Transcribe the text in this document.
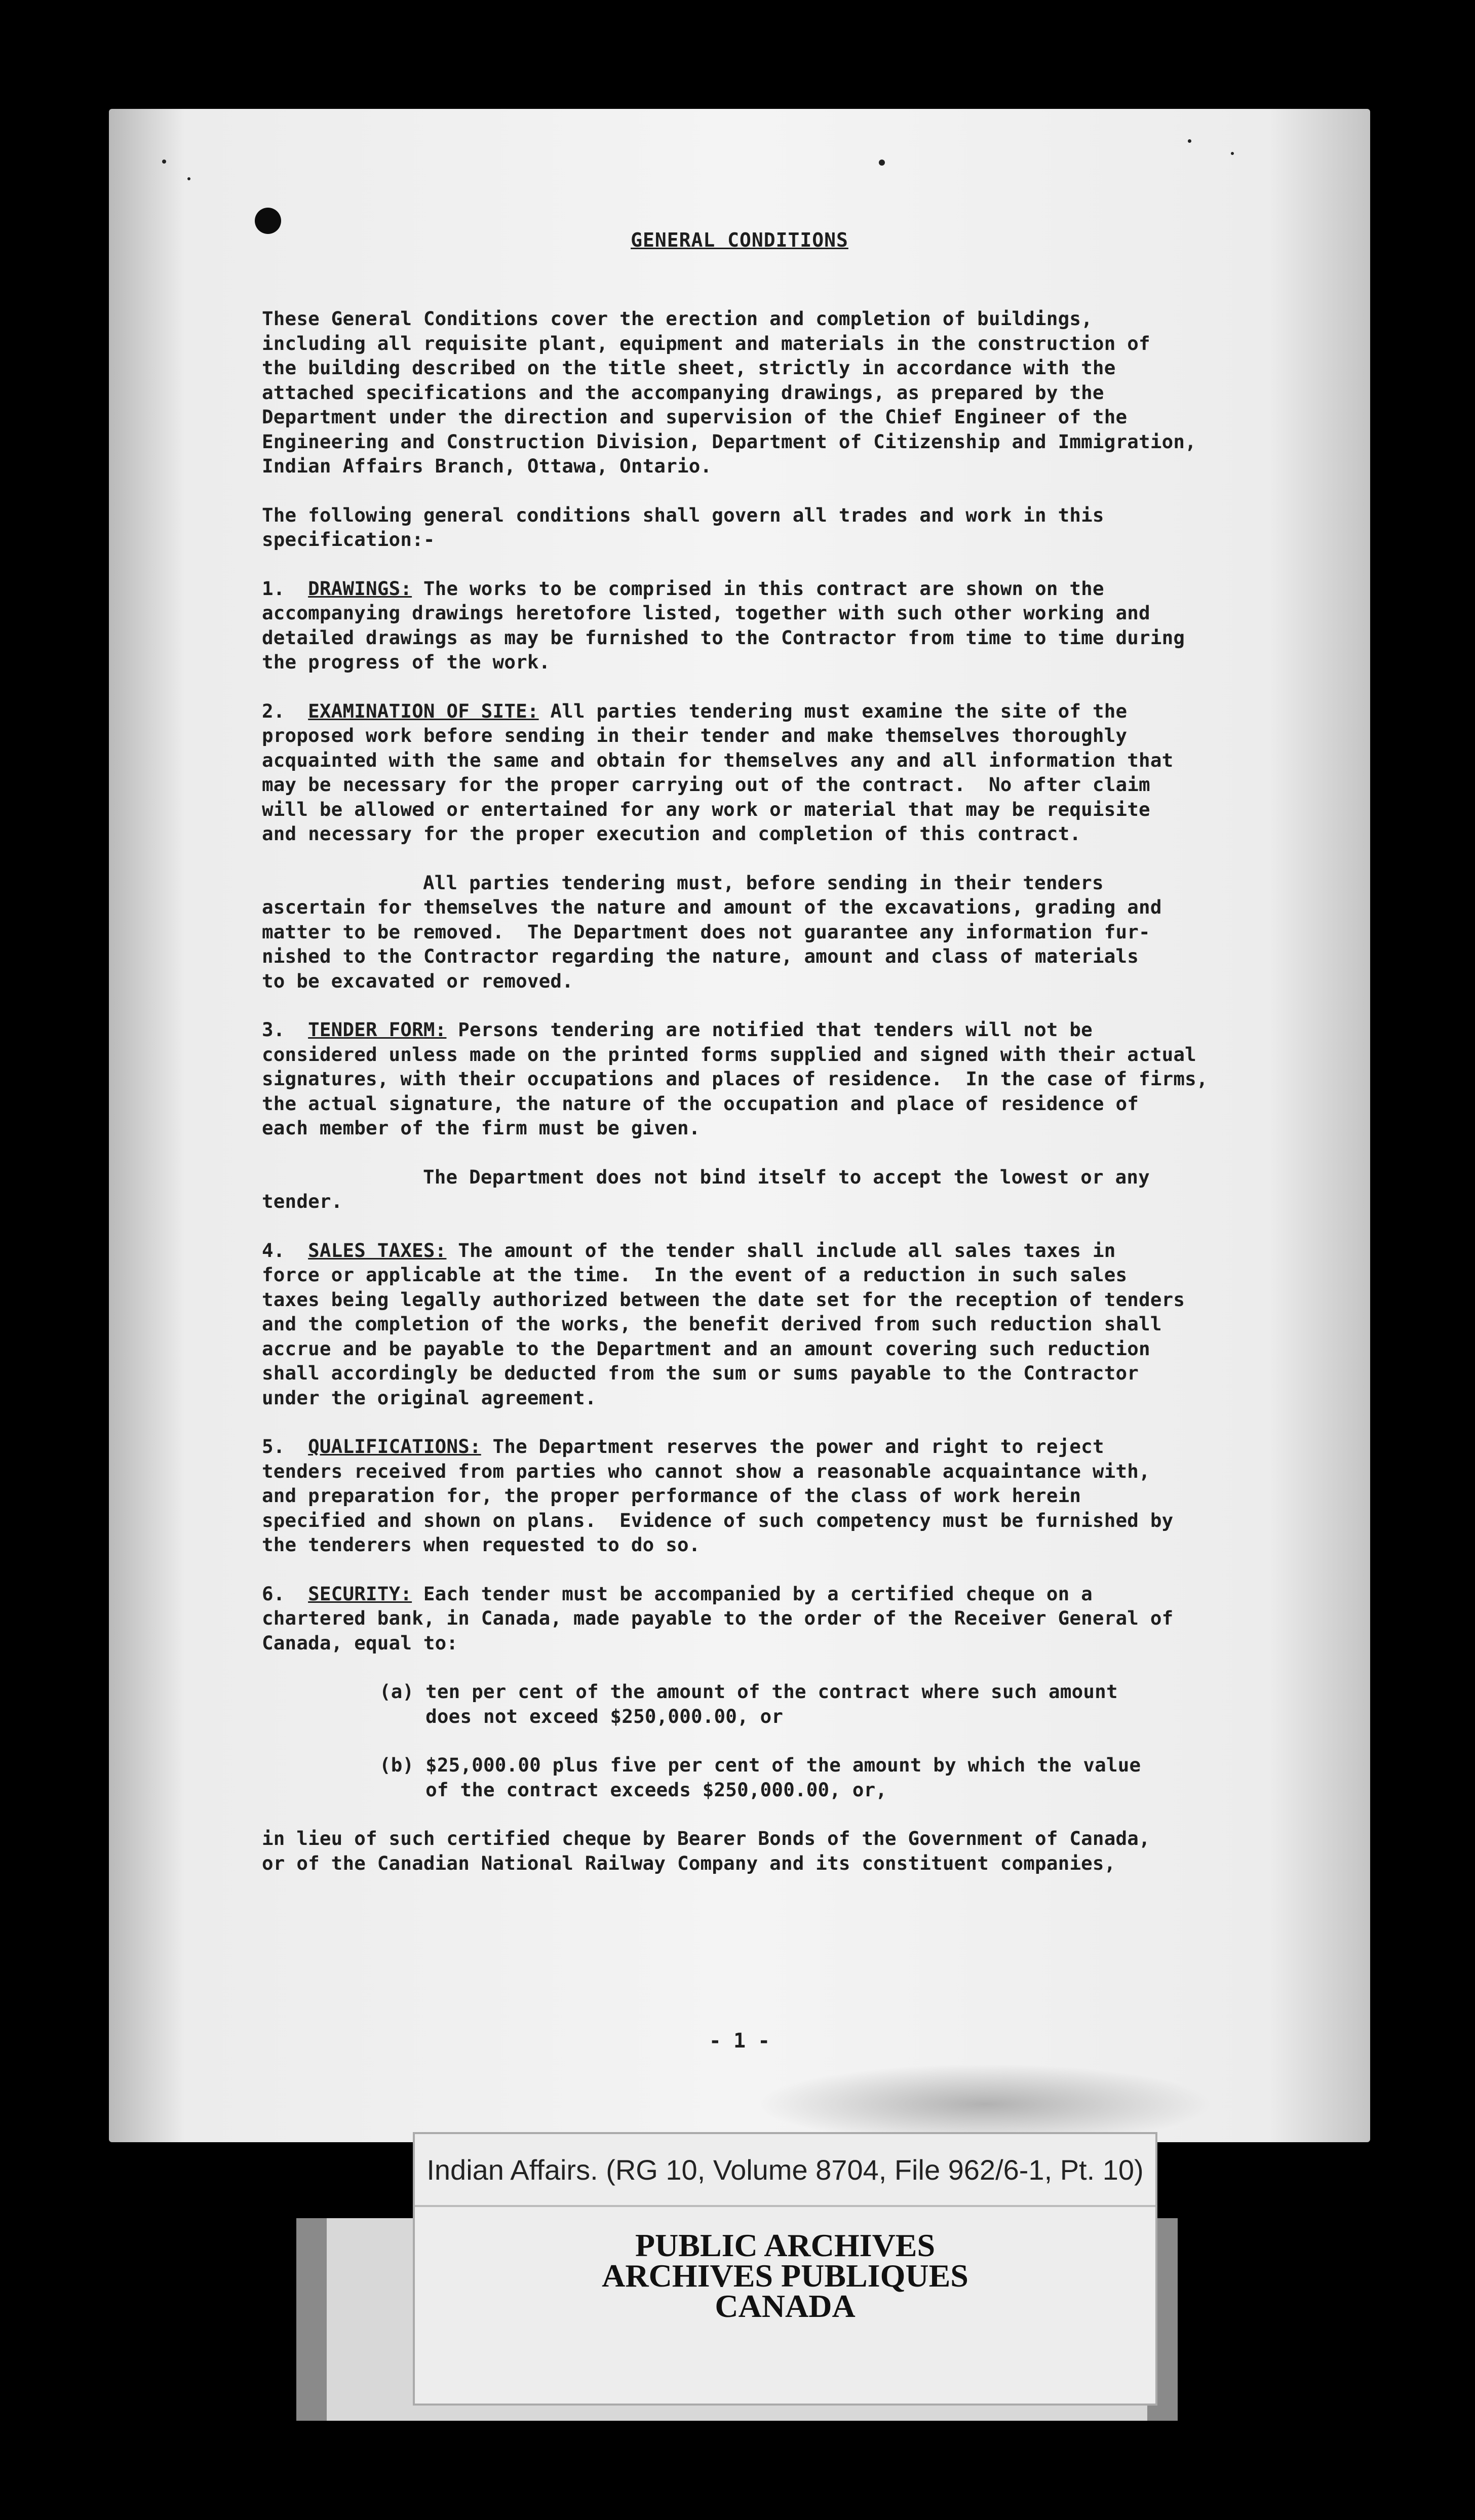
GENERAL CONDITIONS
These General Conditions cover the erection and completion of buildings,
including all requisite plant, equipment and materials in the construction of
the building described on the title sheet, strictly in accordance with the
attached specifications and the accompanying drawings, as prepared by the
Department under the direction and supervision of the Chief Engineer of the
Engineering and Construction Division, Department of Citizenship and Immigration,
Indian Affairs Branch, Ottawa, Ontario.
The following general conditions shall govern all trades and work in this
specification:-
1. DRAWINGS: The works to be comprised in this contract are shown on the
accompanying drawings heretofore listed, together with such other working and
detailed drawings as may be furnished to the Contractor from time to time during
the progress of the work.
2. EXAMINATION OF SITE: All parties tendering must examine the site of the
proposed work before sending in their tender and make themselves thoroughly
acquainted with the same and obtain for themselves any and all information that
may be necessary for the proper carrying out of the contract.  No after claim
will be allowed or entertained for any work or material that may be requisite
and necessary for the proper execution and completion of this contract.
All parties tendering must, before sending in their tenders
ascertain for themselves the nature and amount of the excavations, grading and
matter to be removed.  The Department does not guarantee any information fur-
nished to the Contractor regarding the nature, amount and class of materials
to be excavated or removed.
3. TENDER FORM: Persons tendering are notified that tenders will not be
considered unless made on the printed forms supplied and signed with their actual
signatures, with their occupations and places of residence.  In the case of firms,
the actual signature, the nature of the occupation and place of residence of
each member of the firm must be given.
The Department does not bind itself to accept the lowest or any
tender.
4. SALES TAXES: The amount of the tender shall include all sales taxes in
force or applicable at the time.  In the event of a reduction in such sales
taxes being legally authorized between the date set for the reception of tenders
and the completion of the works, the benefit derived from such reduction shall
accrue and be payable to the Department and an amount covering such reduction
shall accordingly be deducted from the sum or sums payable to the Contractor
under the original agreement.
5. QUALIFICATIONS: The Department reserves the power and right to reject
tenders received from parties who cannot show a reasonable acquaintance with,
and preparation for, the proper performance of the class of work herein
specified and shown on plans.  Evidence of such competency must be furnished by
the tenderers when requested to do so.
6. SECURITY: Each tender must be accompanied by a certified cheque on a
chartered bank, in Canada, made payable to the order of the Receiver General of
Canada, equal to:
(a) ten per cent of the amount of the contract where such amount
does not exceed $250,000.00, or
(b) $25,000.00 plus five per cent of the amount by which the value
of the contract exceeds $250,000.00, or,
in lieu of such certified cheque by Bearer Bonds of the Government of Canada,
or of the Canadian National Railway Company and its constituent companies,
- 1 -
Indian Affairs. (RG 10, Volume 8704, File 962/6-1, Pt. 10)
PUBLIC ARCHIVES
ARCHIVES PUBLIQUES
CANADA
